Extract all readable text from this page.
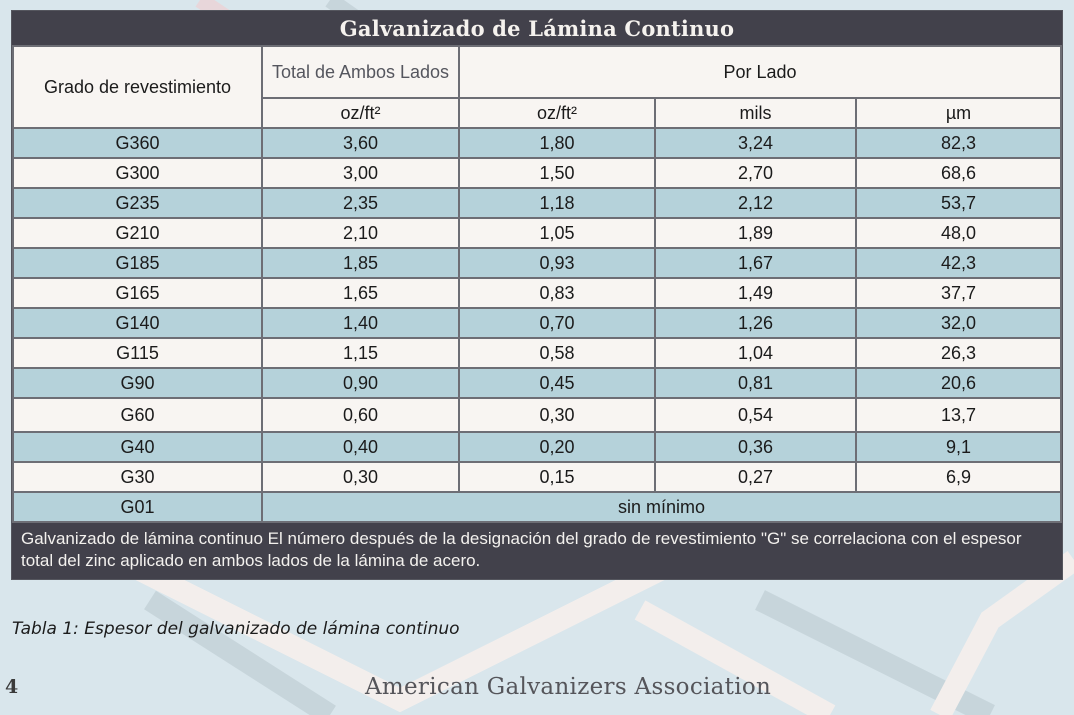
Galvanizado de Lámina Continuo
Grado de revestimiento	Total de Ambos Lados	Por Lado		
	oz/ft²	oz/ft²	mils	µm
G360	3,60	1,80	3,24	82,3
G300	3,00	1,50	2,70	68,6
G235	2,35	1,18	2,12	53,7
G210	2,10	1,05	1,89	48,0
G185	1,85	0,93	1,67	42,3
G165	1,65	0,83	1,49	37,7
G140	1,40	0,70	1,26	32,0
G115	1,15	0,58	1,04	26,3
G90	0,90	0,45	0,81	20,6
G60	0,60	0,30	0,54	13,7
G40	0,40	0,20	0,36	9,1
G30	0,30	0,15	0,27	6,9
G01	sin mínimo			
Galvanizado de lámina continuo El número después de la designación del grado de revestimiento "G" se correlaciona con el espesor total del zinc aplicado en ambos lados de la lámina de acero.
Tabla 1: Espesor del galvanizado de lámina continuo
4	American Galvanizers Association
